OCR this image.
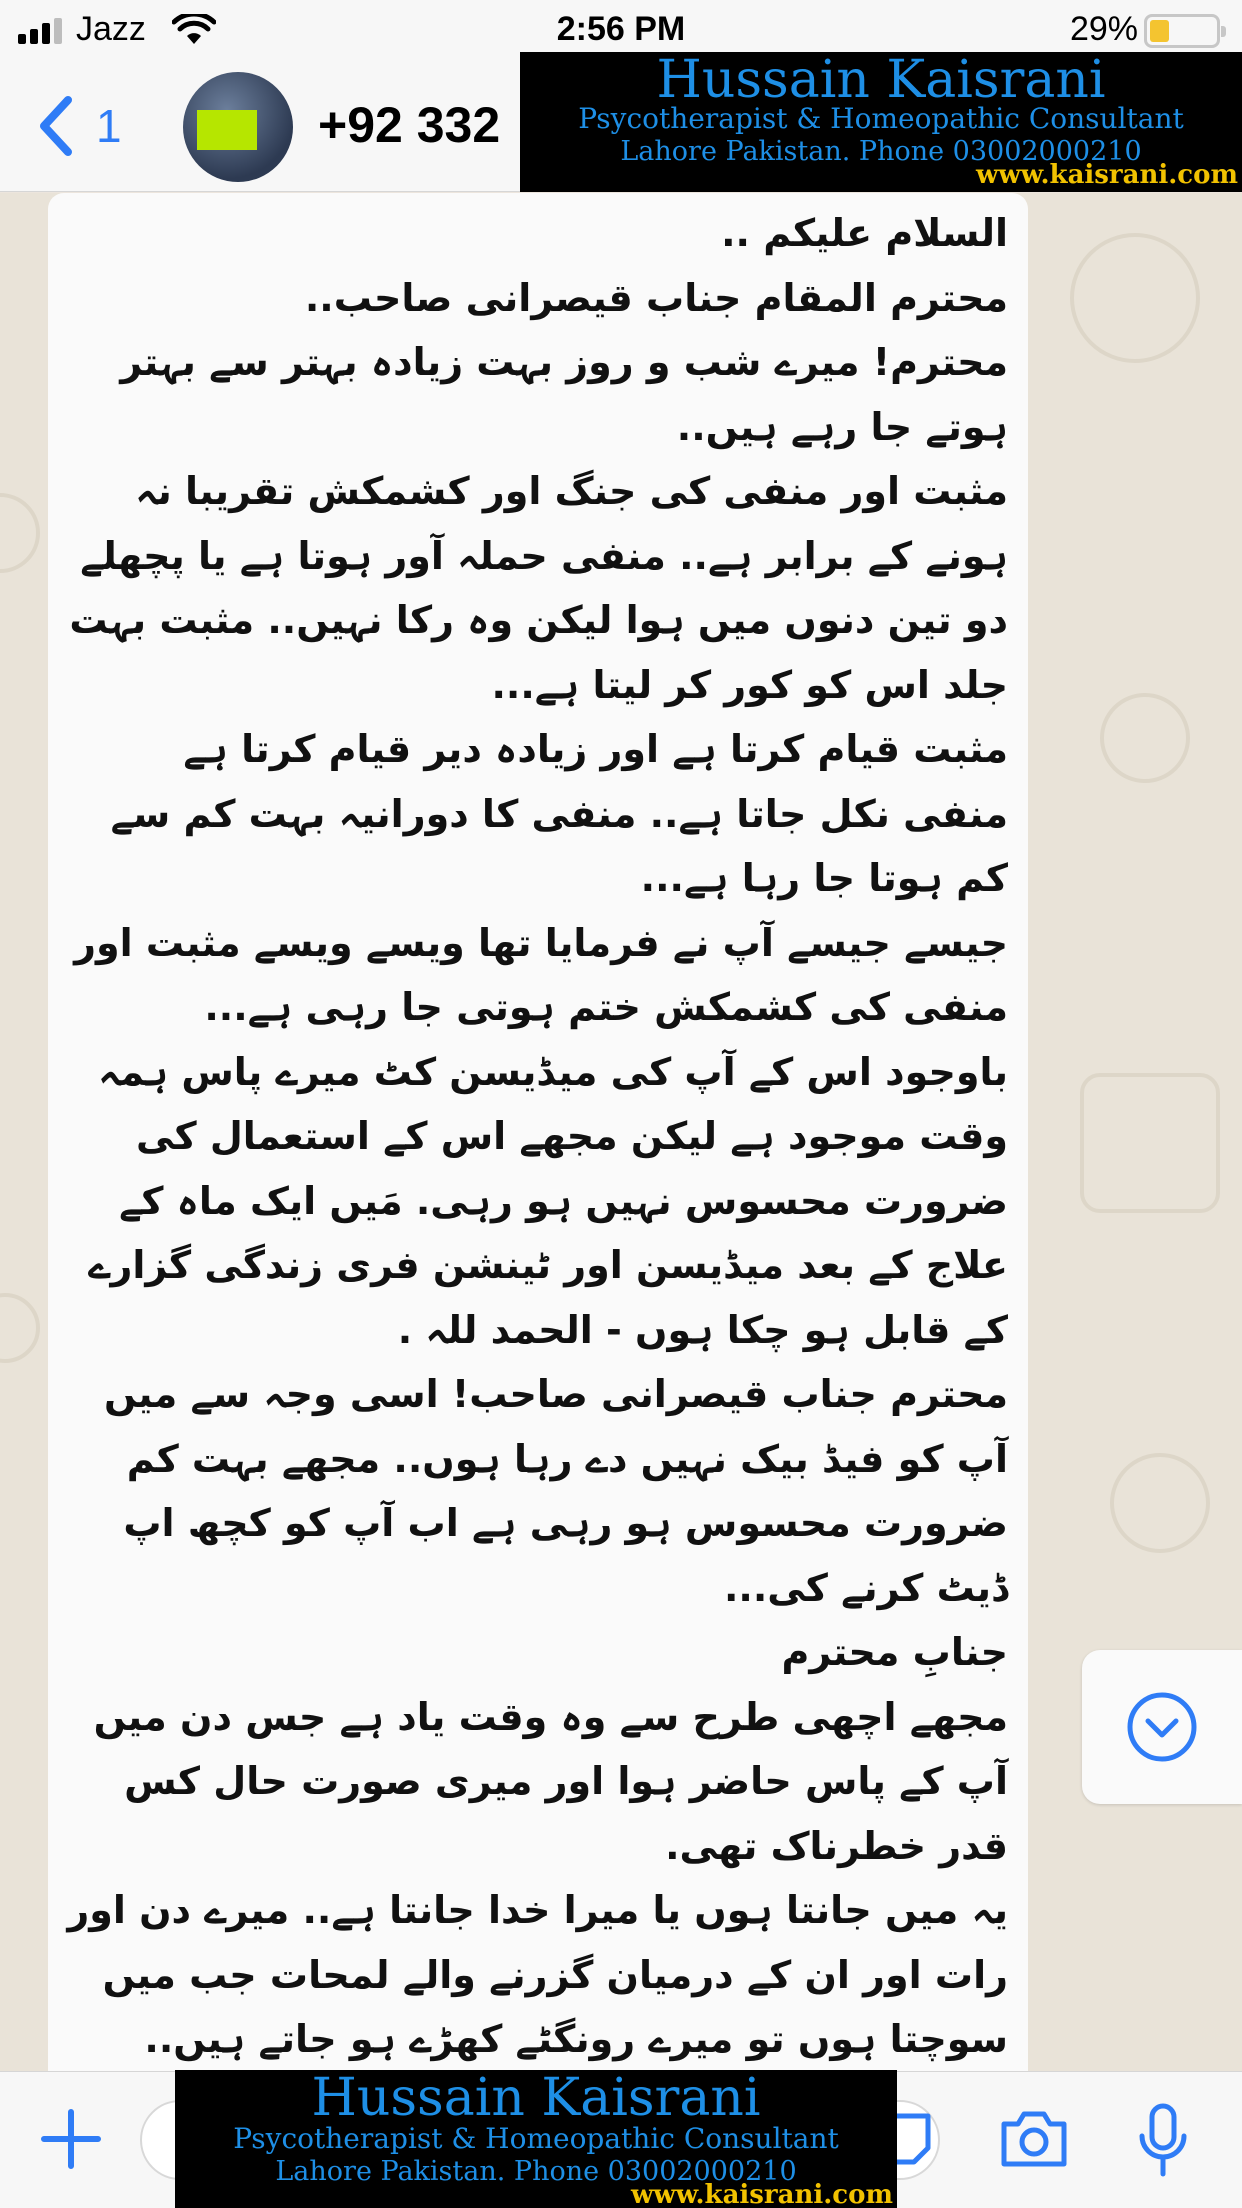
Jazz	2:56 PM	29%
1	+92 332
Hussain Kaisrani
Psycotherapist & Homeopathic Consultant
Lahore Pakistan. Phone 03002000210
www.kaisrani.com

السلام علیکم ..

محترم المقام جناب قیصرانی صاحب..

محترم! میرے شب و روز بہت زیادہ بہتر سے بہتر ہوتے جا رہے ہیں..

مثبت اور منفی کی جنگ اور کشمکش تقریبا نہ ہونے کے برابر ہے.. منفی حملہ آور ہوتا ہے یا پچھلے دو تین دنوں میں ہوا لیکن وہ رکا نہیں.. مثبت بہت جلد اس کو کور کر لیتا ہے...

مثبت قیام کرتا ہے اور زیادہ دیر قیام کرتا ہے منفی نکل جاتا ہے.. منفی کا دورانیہ بہت کم سے کم ہوتا جا رہا ہے...

جیسے جیسے آپ نے فرمایا تھا ویسے ویسے مثبت اور منفی کی کشمکش ختم ہوتی جا رہی ہے...

باوجود اس کے آپ کی میڈیسن کٹ میرے پاس ہمہ وقت موجود ہے لیکن مجھے اس کے استعمال کی ضرورت محسوس نہیں ہو رہی. مَیں ایک ماہ کے علاج کے بعد میڈیسن اور ٹینشن فری زندگی گزارے کے قابل ہو چکا ہوں - الحمد للہ .

محترم جناب قیصرانی صاحب! اسی وجہ سے میں آپ کو فیڈ بیک نہیں دے رہا ہوں.. مجھے بہت کم ضرورت محسوس ہو رہی ہے اب آپ کو کچھ اپ ڈیٹ کرنے کی...

جنابِ محترم

مجھے اچھی طرح سے وہ وقت یاد ہے جس دن میں آپ کے پاس حاضر ہوا اور میری صورت حال کس قدر خطرناک تھی.

یہ میں جانتا ہوں یا میرا خدا جانتا ہے.. میرے دن اور رات اور ان کے درمیان گزرنے والے لمحات جب میں سوچتا ہوں تو میرے رونگٹے کھڑے ہو جاتے ہیں..

Hussain Kaisrani
Psycotherapist & Homeopathic Consultant
Lahore Pakistan. Phone 03002000210
www.kaisrani.com
